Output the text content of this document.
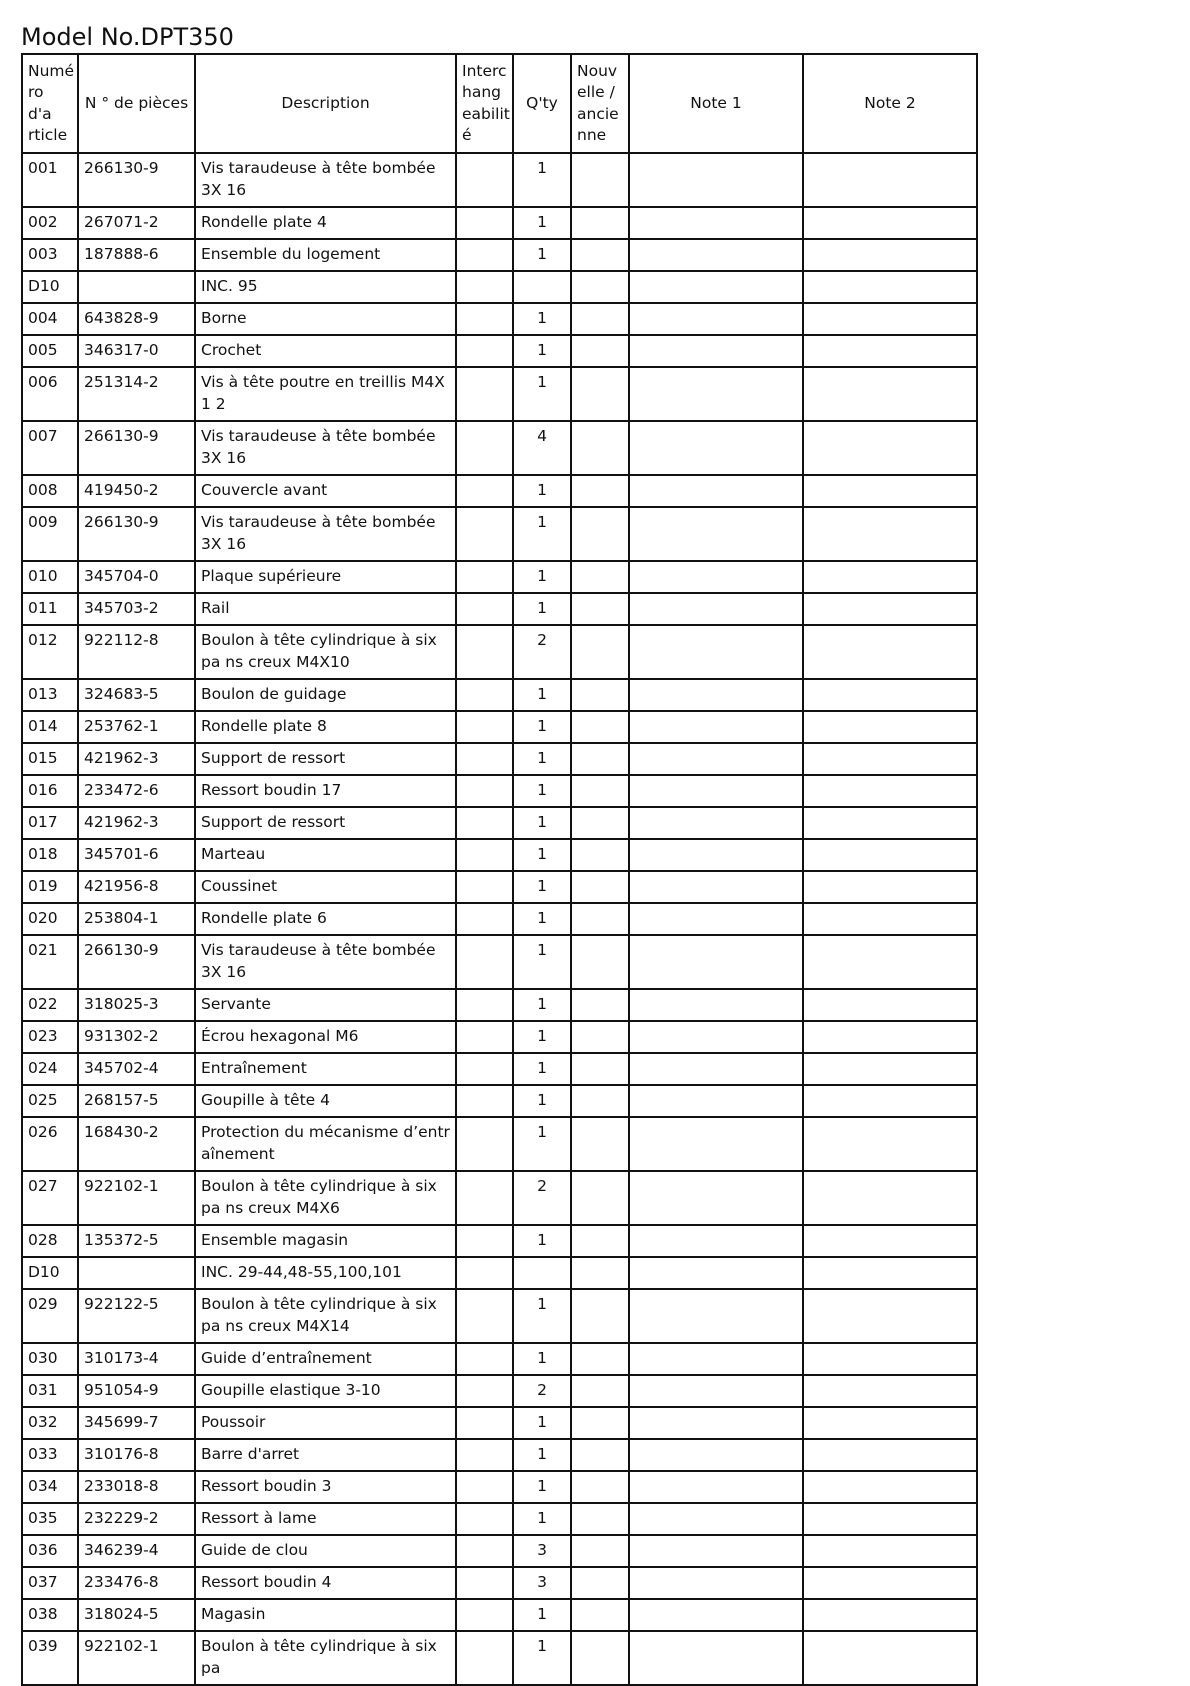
Model No.DPT350
Numé ro d'a rticle	N ° de pièces	Description	Interc hang eabilit é	Q'ty	Nouv elle / ancie nne	Note 1	Note 2
001	266130-9	Vis taraudeuse à tête bombée 3X 16		1			
002	267071-2	Rondelle plate 4		1			
003	187888-6	Ensemble du logement		1			
D10		INC. 95					
004	643828-9	Borne		1			
005	346317-0	Crochet		1			
006	251314-2	Vis à tête poutre en treillis M4X1 2		1			
007	266130-9	Vis taraudeuse à tête bombée 3X 16		4			
008	419450-2	Couvercle avant		1			
009	266130-9	Vis taraudeuse à tête bombée 3X 16		1			
010	345704-0	Plaque supérieure		1			
011	345703-2	Rail		1			
012	922112-8	Boulon à tête cylindrique à six pa ns creux M4X10		2			
013	324683-5	Boulon de guidage		1			
014	253762-1	Rondelle plate 8		1			
015	421962-3	Support de ressort		1			
016	233472-6	Ressort boudin 17		1			
017	421962-3	Support de ressort		1			
018	345701-6	Marteau		1			
019	421956-8	Coussinet		1			
020	253804-1	Rondelle plate 6		1			
021	266130-9	Vis taraudeuse à tête bombée 3X 16		1			
022	318025-3	Servante		1			
023	931302-2	Écrou hexagonal M6		1			
024	345702-4	Entraînement		1			
025	268157-5	Goupille à tête 4		1			
026	168430-2	Protection du mécanisme d’entr aînement		1			
027	922102-1	Boulon à tête cylindrique à six pa ns creux M4X6		2			
028	135372-5	Ensemble magasin		1			
D10		INC. 29-44,48-55,100,101					
029	922122-5	Boulon à tête cylindrique à six pa ns creux M4X14		1			
030	310173-4	Guide d’entraînement		1			
031	951054-9	Goupille elastique 3-10		2			
032	345699-7	Poussoir		1			
033	310176-8	Barre d'arret		1			
034	233018-8	Ressort boudin 3		1			
035	232229-2	Ressort à lame		1			
036	346239-4	Guide de clou		3			
037	233476-8	Ressort boudin 4		3			
038	318024-5	Magasin		1			
039	922102-1	Boulon à tête cylindrique à six pa		1			
